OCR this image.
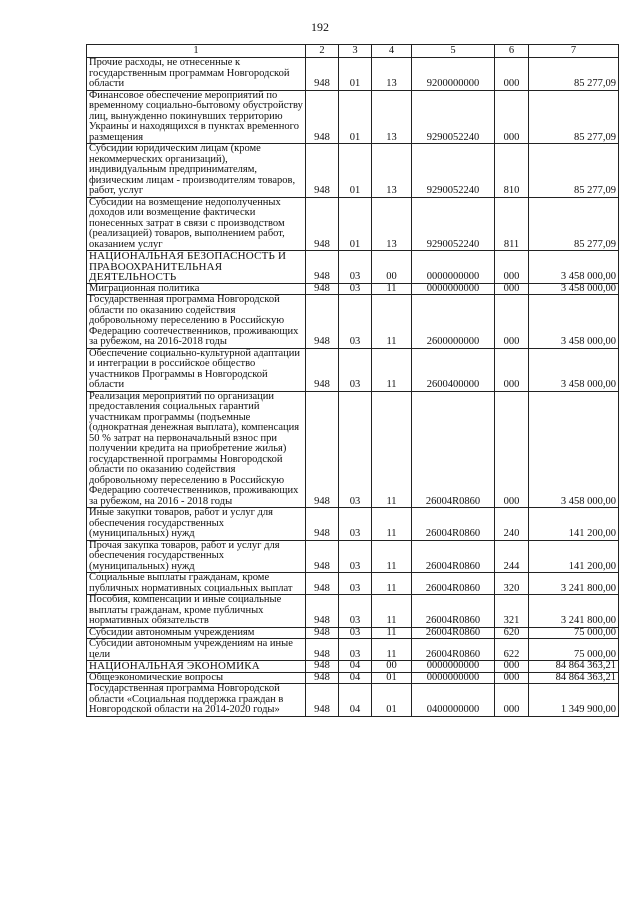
192
1	2	3	4	5	6	7
Прочие расходы, не отнесенные к государственным программам Новгородской области	948	01	13	9200000000	000	85 277,09
Финансовое обеспечение мероприятий по временному социально-бытовому обустройству лиц, вынужденно покинувших территорию Украины и находящихся в пунктах временного размещения	948	01	13	9290052240	000	85 277,09
Субсидии юридическим лицам (кроме некоммерческих организаций), индивидуальным предпринимателям, физическим лицам - производителям товаров, работ, услуг	948	01	13	9290052240	810	85 277,09
Субсидии на возмещение недополученных доходов или возмещение фактически понесенных затрат в связи с производством (реализацией) товаров, выполнением работ, оказанием услуг	948	01	13	9290052240	811	85 277,09
НАЦИОНАЛЬНАЯ БЕЗОПАСНОСТЬ И ПРАВООХРАНИТЕЛЬНАЯ ДЕЯТЕЛЬНОСТЬ	948	03	00	0000000000	000	3 458 000,00
Миграционная политика	948	03	11	0000000000	000	3 458 000,00
Государственная программа Новгородской области по оказанию содействия добровольному переселению в Российскую Федерацию соотечественников, проживающих за рубежом, на 2016-2018 годы	948	03	11	2600000000	000	3 458 000,00
Обеспечение социально-культурной адаптации и интеграции в российское общество участников Программы в Новгородской области	948	03	11	2600400000	000	3 458 000,00
Реализация мероприятий по организации предоставления социальных гарантий участникам программы (подъемные (однократная денежная выплата), компенсация 50 % затрат на первоначальный взнос при получении кредита на приобретение жилья) государственной программы Новгородской области по оказанию содействия добровольному переселению в Российскую Федерацию соотечественников, проживающих за рубежом, на 2016 - 2018 годы	948	03	11	26004R0860	000	3 458 000,00
Иные закупки товаров, работ и услуг для обеспечения государственных (муниципальных) нужд	948	03	11	26004R0860	240	141 200,00
Прочая закупка товаров, работ и услуг для обеспечения государственных (муниципальных) нужд	948	03	11	26004R0860	244	141 200,00
Социальные выплаты гражданам, кроме публичных нормативных социальных выплат	948	03	11	26004R0860	320	3 241 800,00
Пособия, компенсации и иные социальные выплаты гражданам, кроме публичных нормативных обязательств	948	03	11	26004R0860	321	3 241 800,00
Субсидии автономным учреждениям	948	03	11	26004R0860	620	75 000,00
Субсидии автономным учреждениям на иные цели	948	03	11	26004R0860	622	75 000,00
НАЦИОНАЛЬНАЯ ЭКОНОМИКА	948	04	00	0000000000	000	84 864 363,21
Общеэкономические вопросы	948	04	01	0000000000	000	84 864 363,21
Государственная программа Новгородской области «Социальная поддержка граждан в Новгородской области на 2014-2020 годы»	948	04	01	0400000000	000	1 349 900,00
